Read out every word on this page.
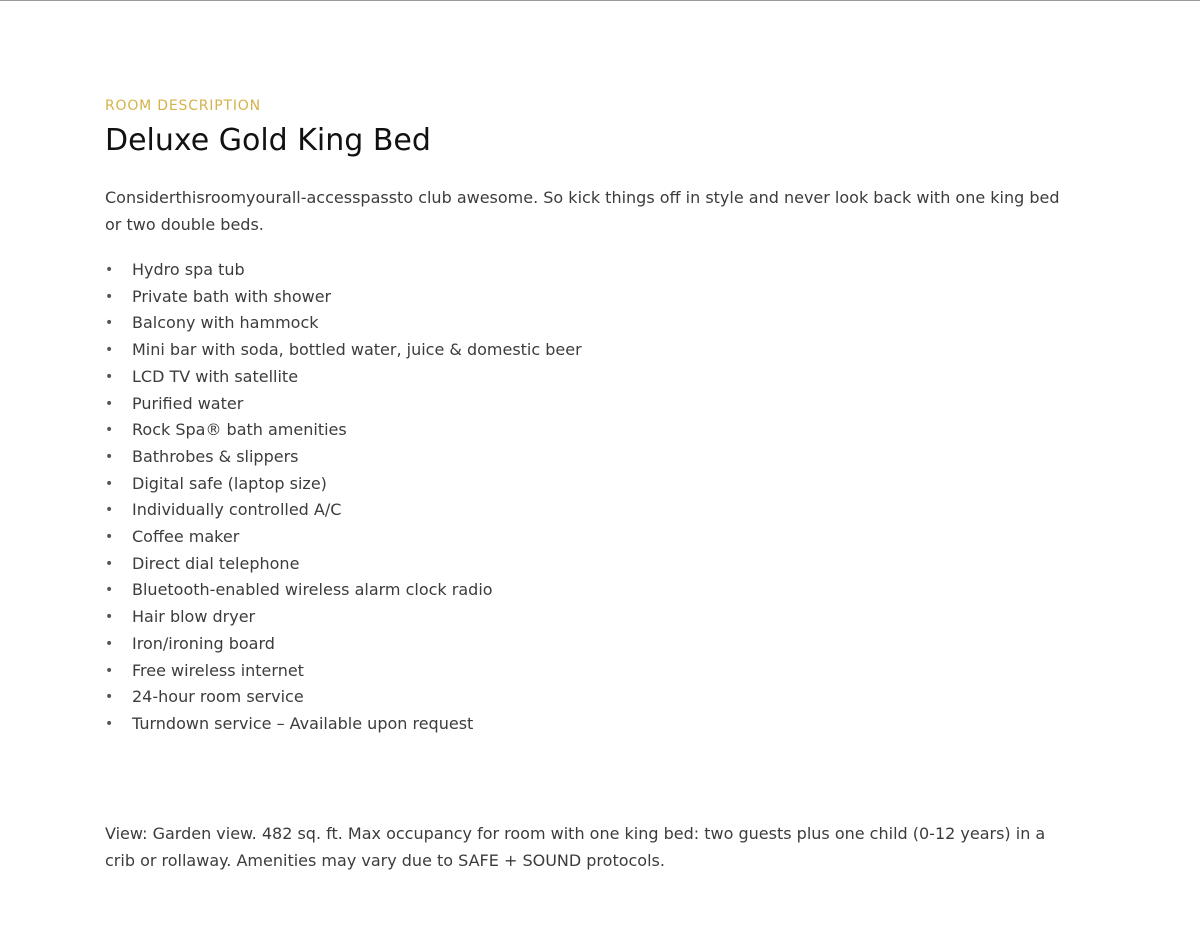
ROOM DESCRIPTION

Deluxe Gold King Bed

Considerthisroomyourall-accesspassto club awesome. So kick things off in style and never look back with one king bed or two double beds.

• Hydro spa tub
• Private bath with shower
• Balcony with hammock
• Mini bar with soda, bottled water, juice & domestic beer
• LCD TV with satellite
• Purified water
• Rock Spa® bath amenities
• Bathrobes & slippers
• Digital safe (laptop size)
• Individually controlled A/C
• Coffee maker
• Direct dial telephone
• Bluetooth-enabled wireless alarm clock radio
• Hair blow dryer
• Iron/ironing board
• Free wireless internet
• 24-hour room service
• Turndown service – Available upon request

View: Garden view. 482 sq. ft. Max occupancy for room with one king bed: two guests plus one child (0-12 years) in a crib or rollaway. Amenities may vary due to SAFE + SOUND protocols.
